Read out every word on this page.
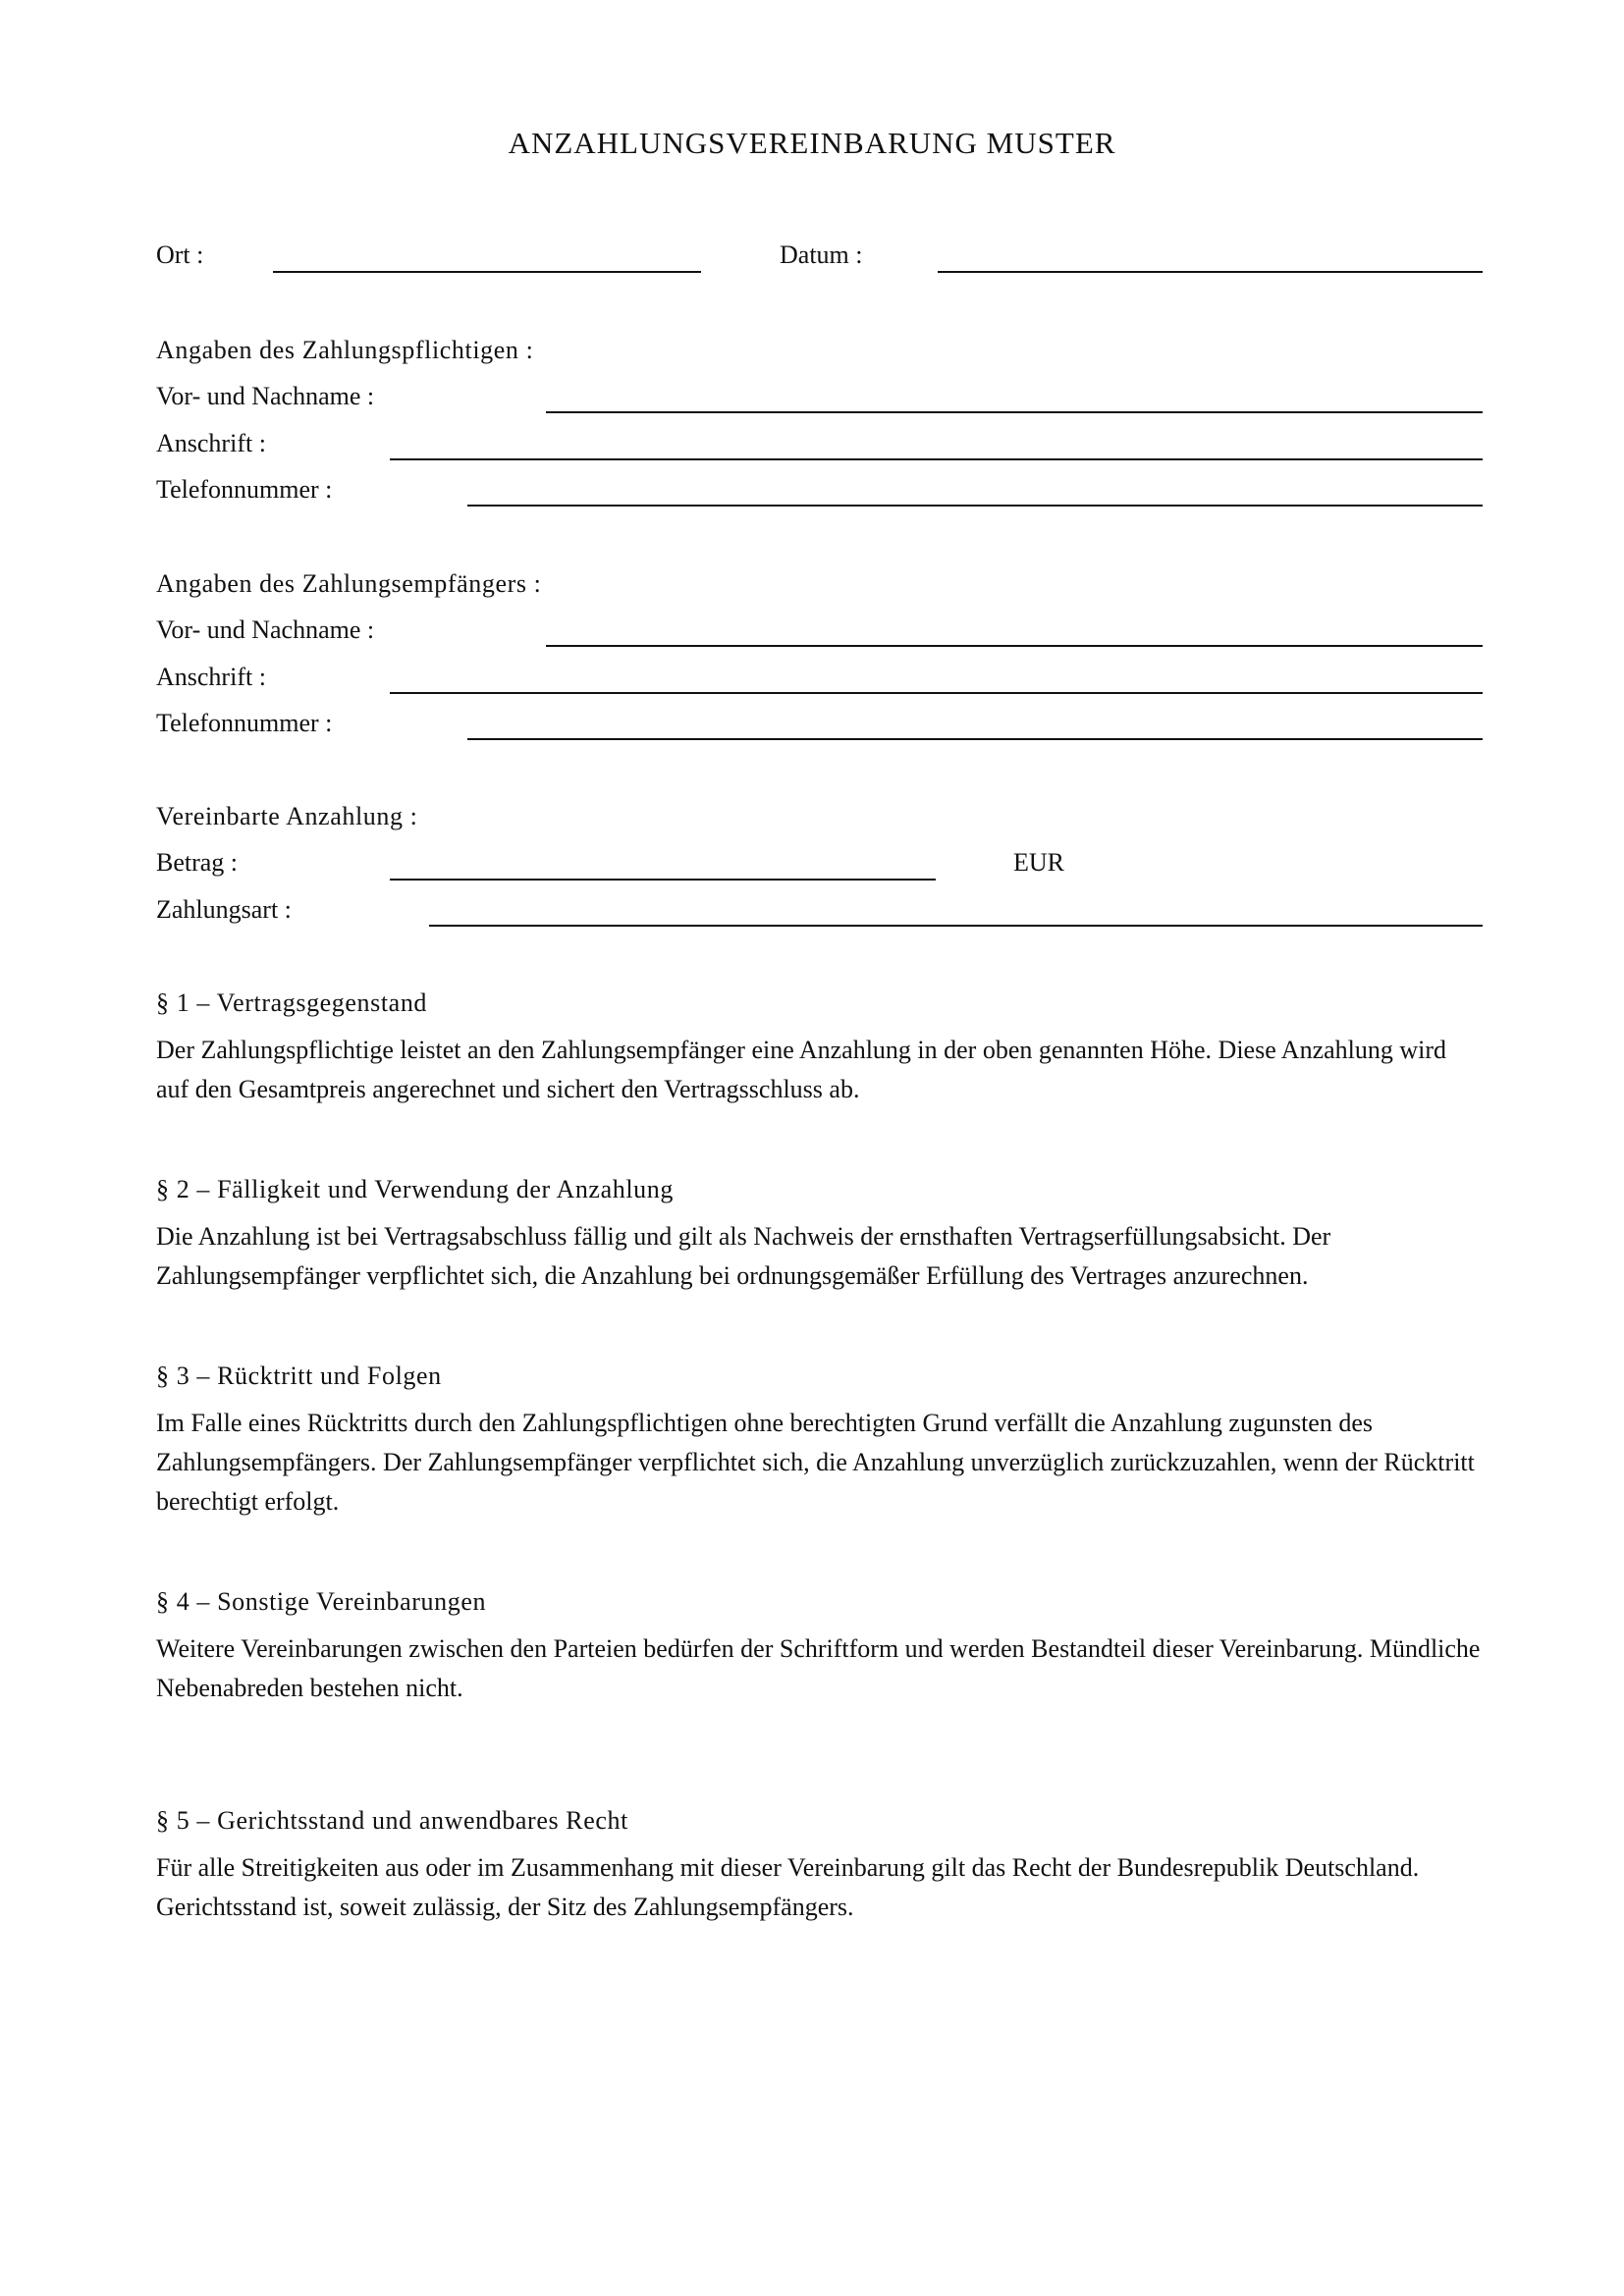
ANZAHLUNGSVEREINBARUNG MUSTER
Ort :	Datum :
Angaben des Zahlungspflichtigen :
Vor- und Nachname :
Anschrift :
Telefonnummer :
Angaben des Zahlungsempfängers :
Vor- und Nachname :
Anschrift :
Telefonnummer :
Vereinbarte Anzahlung :
Betrag :	EUR
Zahlungsart :
§ 1 – Vertragsgegenstand
Der Zahlungspflichtige leistet an den Zahlungsempfänger eine Anzahlung in der oben genannten Höhe. Diese Anzahlung wird auf den Gesamtpreis angerechnet und sichert den Vertragsschluss ab.
§ 2 – Fälligkeit und Verwendung der Anzahlung
Die Anzahlung ist bei Vertragsabschluss fällig und gilt als Nachweis der ernsthaften Vertragserfüllungsabsicht. Der Zahlungsempfänger verpflichtet sich, die Anzahlung bei ordnungsgemäßer Erfüllung des Vertrages anzurechnen.
§ 3 – Rücktritt und Folgen
Im Falle eines Rücktritts durch den Zahlungspflichtigen ohne berechtigten Grund verfällt die Anzahlung zugunsten des Zahlungsempfängers. Der Zahlungsempfänger verpflichtet sich, die Anzahlung unverzüglich zurückzuzahlen, wenn der Rücktritt berechtigt erfolgt.
§ 4 – Sonstige Vereinbarungen
Weitere Vereinbarungen zwischen den Parteien bedürfen der Schriftform und werden Bestandteil dieser Vereinbarung. Mündliche Nebenabreden bestehen nicht.
§ 5 – Gerichtsstand und anwendbares Recht
Für alle Streitigkeiten aus oder im Zusammenhang mit dieser Vereinbarung gilt das Recht der Bundesrepublik Deutschland. Gerichtsstand ist, soweit zulässig, der Sitz des Zahlungsempfängers.
